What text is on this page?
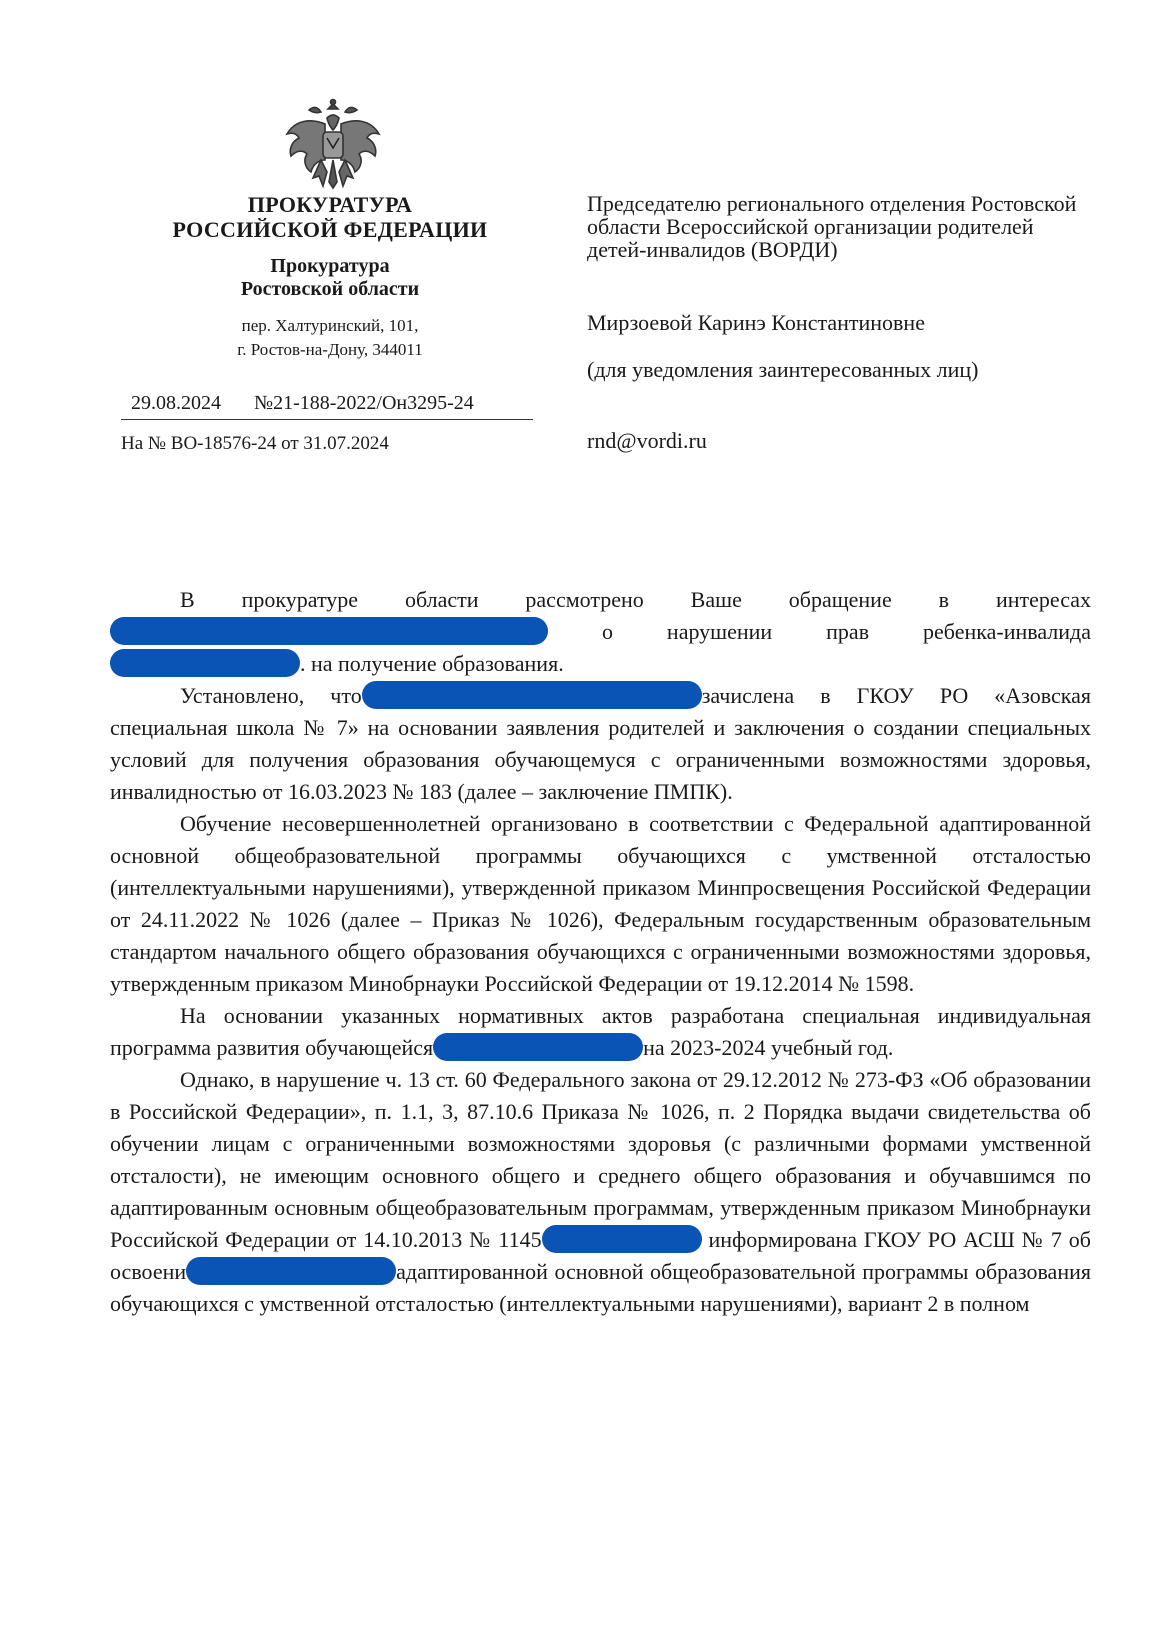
ПРОКУРАТУРА
РОССИЙСКОЙ ФЕДЕРАЦИИ
Прокуратура
Ростовской области
пер. Халтуринский, 101,
г. Ростов-на-Дону, 344011
29.08.2024 №21-188-2022/Он3295-24
На № ВО-18576-24 от 31.07.2024
Председателю регионального отделения Ростовской области Всероссийской организации родителей детей-инвалидов (ВОРДИ)
Мирзоевой Каринэ Константиновне
(для уведомления заинтересованных лиц)
rnd@vordi.ru

В прокуратуре области рассмотрено Ваше обращение в интересах  о нарушении прав ребенка-инвалида . на получение образования.

Установлено, что	зачислена в ГКОУ РО «Азовская специальная школа № 7» на основании заявления родителей и заключения о создании специальных условий для получения образования обучающемуся с ограниченными возможностями здоровья, инвалидностью от 16.03.2023 № 183 (далее – заключение ПМПК).

Обучение несовершеннолетней организовано в соответствии с Федеральной адаптированной основной общеобразовательной программы обучающихся с умственной отсталостью (интеллектуальными нарушениями), утвержденной приказом Минпросвещения Российской Федерации от 24.11.2022 № 1026 (далее – Приказ № 1026), Федеральным государственным образовательным стандартом начального общего образования обучающихся с ограниченными возможностями здоровья, утвержденным приказом Минобрнауки Российской Федерации от 19.12.2014 № 1598.

На основании указанных нормативных актов разработана специальная индивидуальная программа развития обучающейся	на 2023-2024 учебный год.

Однако, в нарушение ч. 13 ст. 60 Федерального закона от 29.12.2012 № 273-ФЗ «Об образовании в Российской Федерации», п. 1.1, 3, 87.10.6 Приказа № 1026, п. 2 Порядка выдачи свидетельства об обучении лицам с ограниченными возможностями здоровья (с различными формами умственной отсталости), не имеющим основного общего и среднего общего образования и обучавшимся по адаптированным основным общеобразовательным программам, утвержденным приказом Минобрнауки Российской Федерации от 14.10.2013 № 1145	информирована ГКОУ РО АСШ № 7 об освоени	адаптированной основной общеобразовательной программы образования обучающихся с умственной отсталостью (интеллектуальными нарушениями), вариант 2 в полном
